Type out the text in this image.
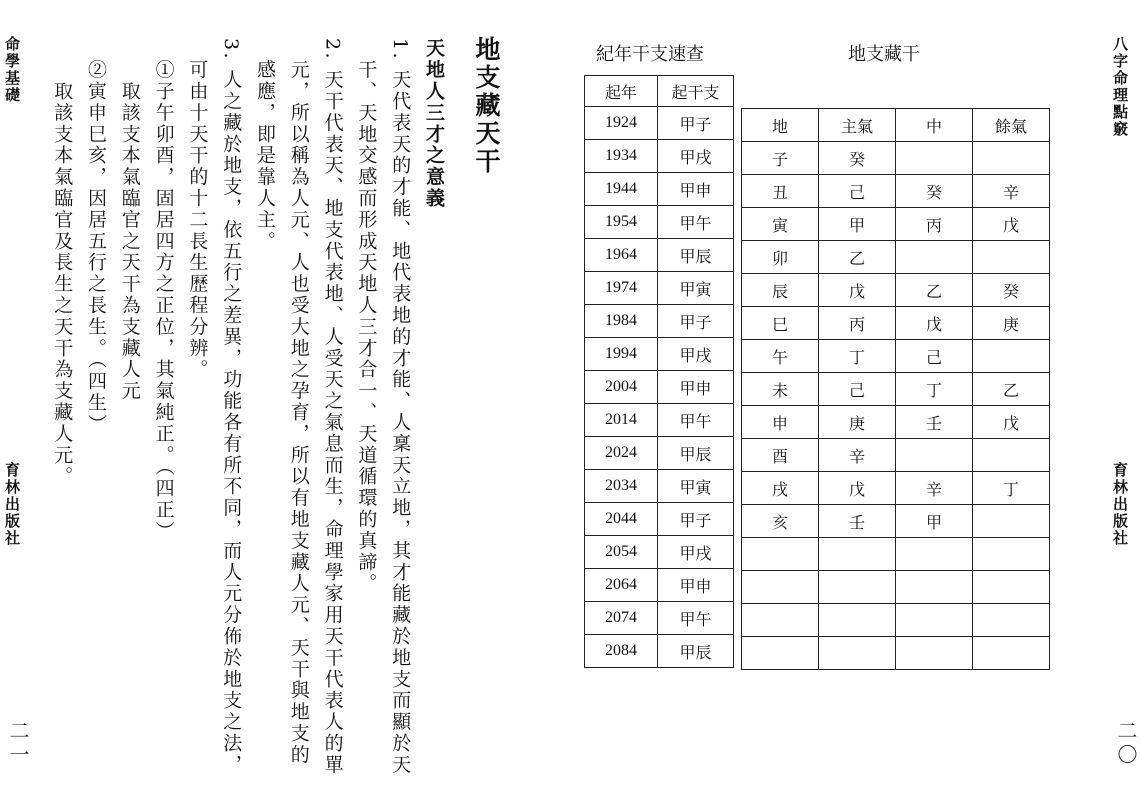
命學基礎
育林出版社
二一
地支藏天干
天地人三才之意義
1. 天代表天的才能、地代表地的才能、人稟天立地，其才能藏於地支而顯於天
　干、天地交感而形成天地人三才合一、天道循環的真諦。
2. 天干代表天、地支代表地、人受天之氣息而生，命理學家用天干代表人的單
　元，所以稱為人元、人也受大地之孕育，所以有地支藏人元、天干與地支的
　感應，即是靠人主。
3. 人之藏於地支，依五行之差異，功能各有所不同，而人元分佈於地支之法，
　可由十天干的十二長生歷程分辨。
　①子午卯酉，固居四方之正位，其氣純正。（四正）
　　取該支本氣臨官之天干為支藏人元
　②寅申巳亥，因居五行之長生。（四生）
　　取該支本氣臨官及長生之天干為支藏人元。	八字命理點竅
育林出版社
二〇
紀年干支速查	地支藏干
起年	起干支
1924	甲子
1934	甲戌
1944	甲申
1954	甲午
1964	甲辰
1974	甲寅
1984	甲子
1994	甲戌
2004	甲申
2014	甲午
2024	甲辰
2034	甲寅
2044	甲子
2054	甲戌
2064	甲申
2074	甲午
2084	甲辰
地	主氣	中	餘氣
子	癸		
丑	己	癸	辛
寅	甲	丙	戊
卯	乙		
辰	戊	乙	癸
巳	丙	戊	庚
午	丁	己	
未	己	丁	乙
申	庚	壬	戊
酉	辛		
戌	戊	辛	丁
亥	壬	甲	
